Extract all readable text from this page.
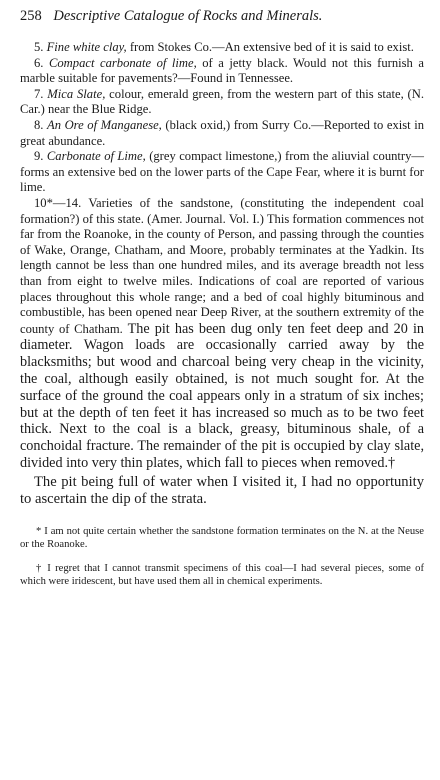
258 Descriptive Catalogue of Rocks and Minerals.

5. Fine white clay, from Stokes Co.—An extensive bed of it is said to exist.

6. Compact carbonate of lime, of a jetty black. Would not this furnish a marble suitable for pavements?—Found in Tennessee.

7. Mica Slate, colour, emerald green, from the western part of this state, (N. Car.) near the Blue Ridge.

8. An Ore of Manganese, (black oxid,) from Surry Co.—Reported to exist in great abundance.

9. Carbonate of Lime, (grey compact limestone,) from the aliuvial country—forms an extensive bed on the lower parts of the Cape Fear, where it is burnt for lime.

10*—14. Varieties of the sandstone, (constituting the independent coal formation?) of this state. (Amer. Journal. Vol. I.) This formation commences not far from the Roanoke, in the county of Person, and passing through the counties of Wake, Orange, Chatham, and Moore, probably terminates at the Yadkin. Its length cannot be less than one hundred miles, and its average breadth not less than from eight to twelve miles. Indications of coal are reported of various places throughout this whole range; and a bed of coal highly bituminous and combustible, has been opened near Deep River, at the southern extremity of the county of Chatham. The pit has been dug only ten feet deep and 20 in diameter. Wagon loads are occasionally carried away by the blacksmiths; but wood and charcoal being very cheap in the vicinity, the coal, although easily obtained, is not much sought for. At the surface of the ground the coal appears only in a stratum of six inches; but at the depth of ten feet it has increased so much as to be two feet thick. Next to the coal is a black, greasy, bituminous shale, of a conchoidal fracture. The remainder of the pit is occupied by clay slate, divided into very thin plates, which fall to pieces when removed.†

The pit being full of water when I visited it, I had no opportunity to ascertain the dip of the strata.

* I am not quite certain whether the sandstone formation terminates on the N. at the Neuse or the Roanoke.

† I regret that I cannot transmit specimens of this coal—I had several pieces, some of which were iridescent, but have used them all in chemical experiments.
